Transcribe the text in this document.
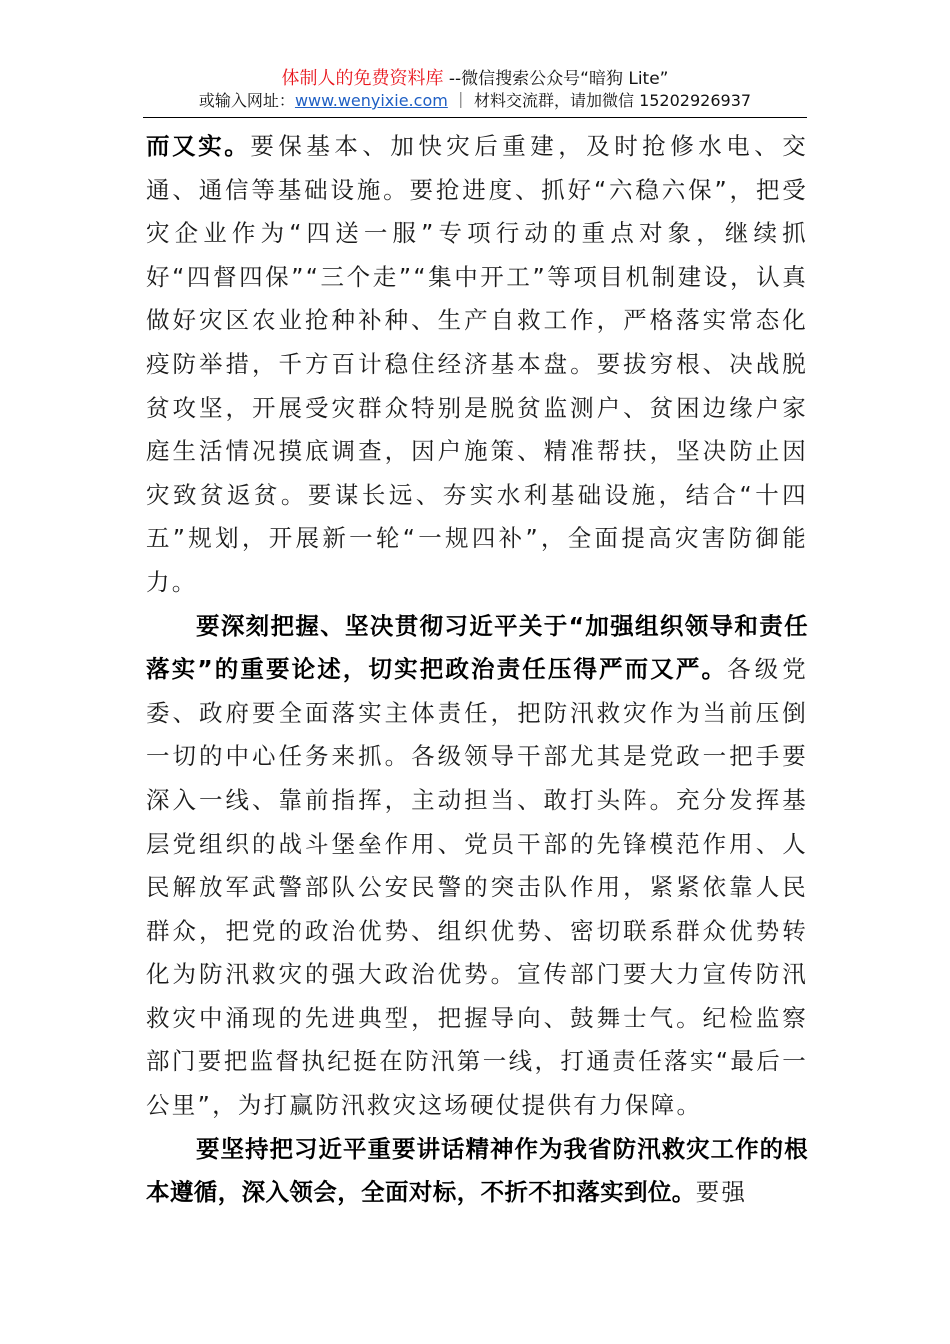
体制人的免费资料库 --微信搜索公众号“暗狗 Lite”
或输入网址：www.wenyixie.com ｜ 材料交流群，请加微信 15202926937

而又实。要保基本、加快灾后重建，及时抢修水电、交通、通信等基础设施。要抢进度、抓好“六稳六保”，把受灾企业作为“四送一服”专项行动的重点对象，继续抓好“四督四保”“三个走”“集中开工”等项目机制建设，认真做好灾区农业抢种补种、生产自救工作，严格落实常态化疫防举措，千方百计稳住经济基本盘。要拔穷根、决战脱贫攻坚，开展受灾群众特别是脱贫监测户、贫困边缘户家庭生活情况摸底调查，因户施策、精准帮扶，坚决防止因灾致贫返贫。要谋长远、夯实水利基础设施，结合“十四五”规划，开展新一轮“一规四补”，全面提高灾害防御能力。

要深刻把握、坚决贯彻习近平关于“加强组织领导和责任落实”的重要论述，切实把政治责任压得严而又严。各级党委、政府要全面落实主体责任，把防汛救灾作为当前压倒一切的中心任务来抓。各级领导干部尤其是党政一把手要深入一线、靠前指挥，主动担当、敢打头阵。充分发挥基层党组织的战斗堡垒作用、党员干部的先锋模范作用、人民解放军武警部队公安民警的突击队作用，紧紧依靠人民群众，把党的政治优势、组织优势、密切联系群众优势转化为防汛救灾的强大政治优势。宣传部门要大力宣传防汛救灾中涌现的先进典型，把握导向、鼓舞士气。纪检监察部门要把监督执纪挺在防汛第一线，打通责任落实“最后一公里”，为打赢防汛救灾这场硬仗提供有力保障。

要坚持把习近平重要讲话精神作为我省防汛救灾工作的根本遵循，深入领会，全面对标，不折不扣落实到位。要强
